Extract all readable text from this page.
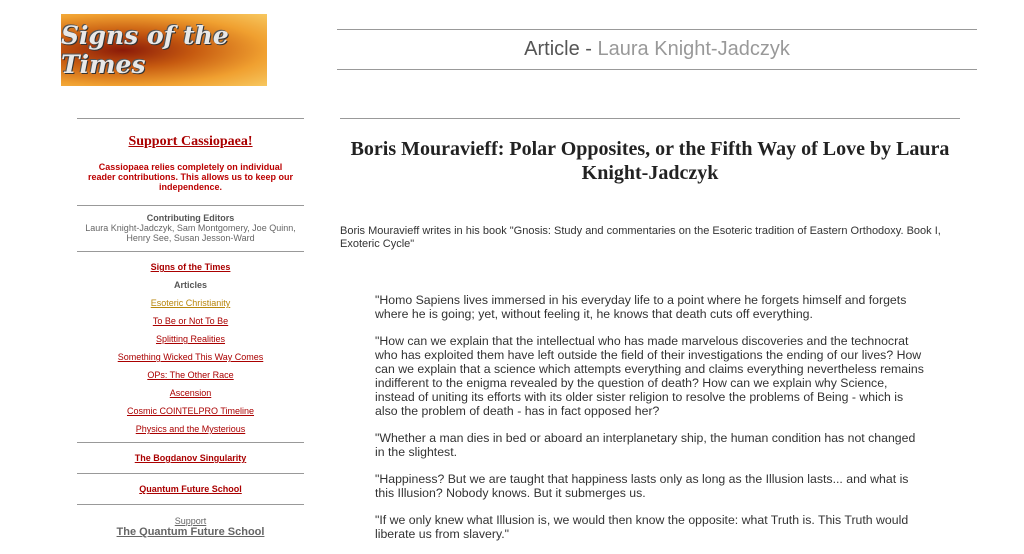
Signs of the Times
Article - Laura Knight-Jadczyk
Support Cassiopaea!
Cassiopaea relies completely on individual reader contributions. This allows us to keep our independence.
Contributing Editors
Laura Knight-Jadczyk, Sam Montgomery, Joe Quinn, Henry See, Susan Jesson-Ward
Signs of the Times
Articles
Esoteric Christianity
To Be or Not To Be
Splitting Realities
Something Wicked This Way Comes
OPs: The Other Race
Ascension
Cosmic COINTELPRO Timeline
Physics and the Mysterious
The Bogdanov Singularity
Quantum Future School
Support
The Quantum Future School
Boris Mouravieff: Polar Opposites, or the Fifth Way of Love by Laura Knight-Jadczyk
Boris Mouravieff writes in his book "Gnosis: Study and commentaries on the Esoteric tradition of Eastern Orthodoxy. Book I, Exoteric Cycle"

"Homo Sapiens lives immersed in his everyday life to a point where he forgets himself and forgets where he is going; yet, without feeling it, he knows that death cuts off everything.

"How can we explain that the intellectual who has made marvelous discoveries and the technocrat who has exploited them have left outside the field of their investigations the ending of our lives? How can we explain that a science which attempts everything and claims everything nevertheless remains indifferent to the enigma revealed by the question of death? How can we explain why Science, instead of uniting its efforts with its older sister religion to resolve the problems of Being - which is also the problem of death - has in fact opposed her?

"Whether a man dies in bed or aboard an interplanetary ship, the human condition has not changed in the slightest.

"Happiness? But we are taught that happiness lasts only as long as the Illusion lasts... and what is this Illusion? Nobody knows. But it submerges us.

"If we only knew what Illusion is, we would then know the opposite: what Truth is. This Truth would liberate us from slavery."
